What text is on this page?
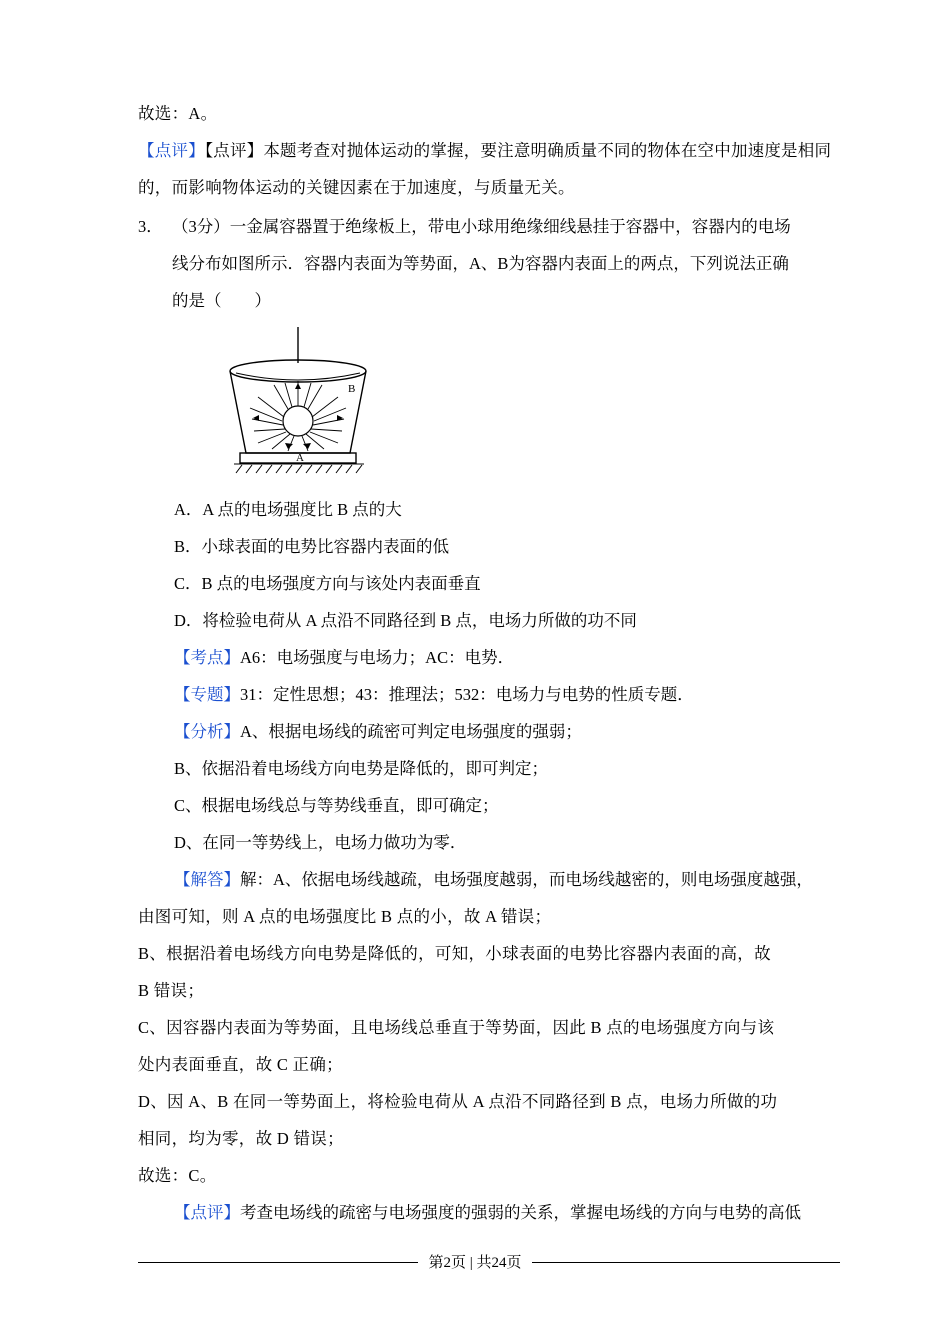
故选：A。
【点评】【点评】本题考查对抛体运动的掌握，要注意明确质量不同的物体在空中加速度是相同
的，而影响物体运动的关键因素在于加速度，与质量无关。
3． （3分）一金属容器置于绝缘板上，带电小球用绝缘细线悬挂于容器中，容器内的电场
线分布如图所示．容器内表面为等势面，A、B为容器内表面上的两点，下列说法正确
的是（　　）
B
A
A．A 点的电场强度比 B 点的大
B．小球表面的电势比容器内表面的低
C．B 点的电场强度方向与该处内表面垂直
D．将检验电荷从 A 点沿不同路径到 B 点，电场力所做的功不同
【考点】A6：电场强度与电场力；AC：电势．
【专题】31：定性思想；43：推理法；532：电场力与电势的性质专题．
【分析】A、根据电场线的疏密可判定电场强度的强弱；
B、依据沿着电场线方向电势是降低的，即可判定；
C、根据电场线总与等势线垂直，即可确定；
D、在同一等势线上，电场力做功为零．
【解答】解：A、依据电场线越疏，电场强度越弱，而电场线越密的，则电场强度越强，
由图可知，则 A 点的电场强度比 B 点的小，故 A 错误；
B、根据沿着电场线方向电势是降低的，可知，小球表面的电势比容器内表面的高，故
B 错误；
C、因容器内表面为等势面，且电场线总垂直于等势面，因此 B 点的电场强度方向与该
处内表面垂直，故 C 正确；
D、因 A、B 在同一等势面上，将检验电荷从 A 点沿不同路径到 B 点，电场力所做的功
相同，均为零，故 D 错误；
故选：C。
【点评】考查电场线的疏密与电场强度的强弱的关系，掌握电场线的方向与电势的高低
第2页 | 共24页
